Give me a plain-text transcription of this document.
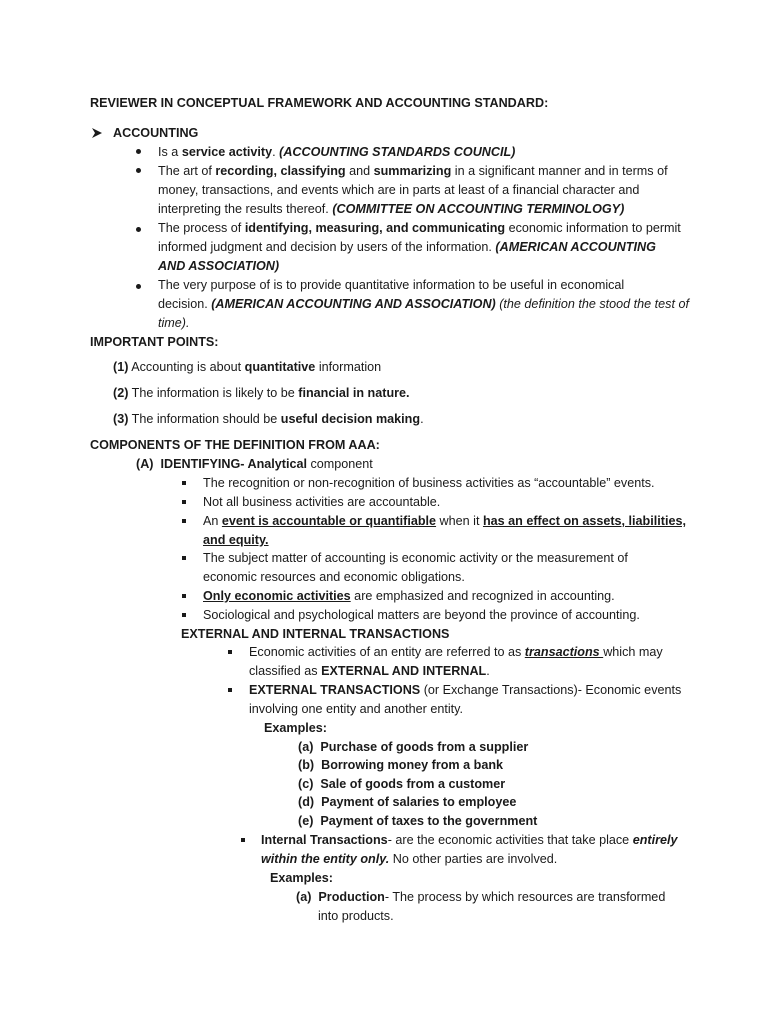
REVIEWER IN CONCEPTUAL FRAMEWORK AND ACCOUNTING STANDARD:
ACCOUNTING
Is a service activity. (ACCOUNTING STANDARDS COUNCIL)
The art of recording, classifying and summarizing in a significant manner and in terms of
money, transactions, and events which are in parts at least of a financial character and
interpreting the results thereof. (COMMITTEE ON ACCOUNTING TERMINOLOGY)
The process of identifying, measuring, and communicating economic information to permit
informed judgment and decision by users of the information. (AMERICAN ACCOUNTING
AND ASSOCIATION)
The very purpose of is to provide quantitative information to be useful in economical
decision. (AMERICAN ACCOUNTING AND ASSOCIATION) (the definition the stood the test of
time).
IMPORTANT POINTS:
(1) Accounting is about quantitative information
(2) The information is likely to be financial in nature.
(3) The information should be useful decision making.
COMPONENTS OF THE DEFINITION FROM AAA:
(A) IDENTIFYING- Analytical component
The recognition or non-recognition of business activities as “accountable” events.
Not all business activities are accountable.
An event is accountable or quantifiable when it has an effect on assets, liabilities,
and equity.
The subject matter of accounting is economic activity or the measurement of
economic resources and economic obligations.
Only economic activities are emphasized and recognized in accounting.
Sociological and psychological matters are beyond the province of accounting.
EXTERNAL AND INTERNAL TRANSACTIONS
Economic activities of an entity are referred to as transactions which may
classified as EXTERNAL AND INTERNAL.
EXTERNAL TRANSACTIONS (or Exchange Transactions)- Economic events
involving one entity and another entity.
Examples:
(a) Purchase of goods from a supplier
(b) Borrowing money from a bank
(c) Sale of goods from a customer
(d) Payment of salaries to employee
(e) Payment of taxes to the government
Internal Transactions- are the economic activities that take place entirely
within the entity only. No other parties are involved.
Examples:
(a) Production- The process by which resources are transformed
into products.
